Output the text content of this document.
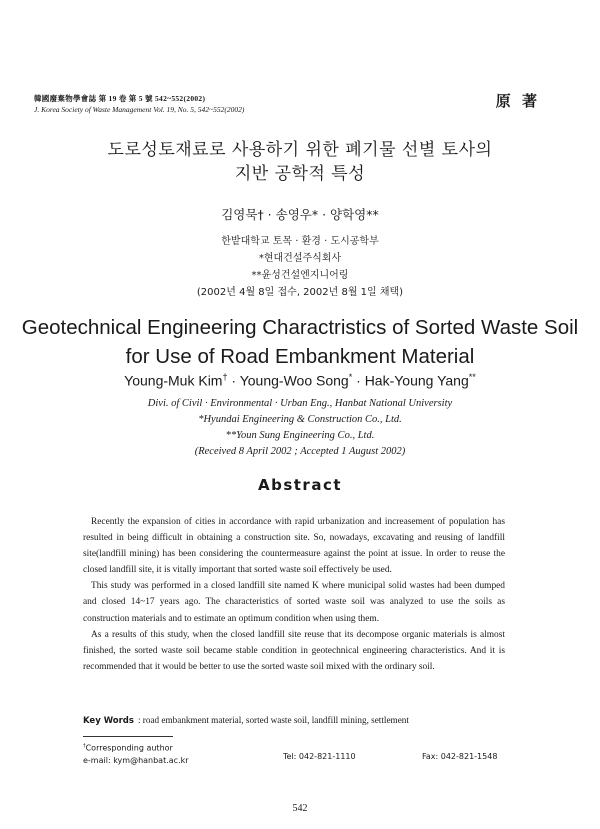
韓國廢棄物學會誌 第 19 卷 第 5 號 542~552(2002)
J. Korea Society of Waste Management Vol. 19, No. 5, 542~552(2002)	原 著
도로성토재료로 사용하기 위한 폐기물 선별 토사의
지반 공학적 특성
김영묵† · 송영우* · 양학영**
한밭대학교 토목 · 환경 · 도시공학부
*현대건설주식회사
**윤성건설엔지니어링
(2002년 4월 8일 접수, 2002년 8월 1일 채택)
Geotechnical Engineering Charactristics of Sorted Waste Soil
for Use of Road Embankment Material
Young-Muk Kim† · Young-Woo Song* · Hak-Young Yang**
Divi. of Civil · Environmental · Urban Eng., Hanbat National University
*Hyundai Engineering & Construction Co., Ltd.
**Youn Sung Engineering Co., Ltd.
(Received 8 April 2002 ; Accepted 1 August 2002)
Abstract

Recently the expansion of cities in accordance with rapid urbanization and increasement of population has resulted in being difficult in obtaining a construction site. So, nowadays, excavating and reusing of landfill site(landfill mining) has been considering the countermeasure against the point at issue. In order to reuse the closed landfill site, it is vitally important that sorted waste soil effectively be used.

This study was performed in a closed landfill site named K where municipal solid wastes had been dumped and closed 14~17 years ago. The characteristics of sorted waste soil was analyzed to use the soils as construction materials and to estimate an optimum condition when using them.

As a results of this study, when the closed landfill site reuse that its decompose organic materials is almost finished, the sorted waste soil became stable condition in geotechnical engineering characteristics. And it is recommended that it would be better to use the sorted waste soil mixed with the ordinary soil.

Key Words : road embankment material, sorted waste soil, landfill mining, settlement
†Corresponding author
e-mail: kym@hanbat.ac.kr	Tel: 042-821-1110	Fax: 042-821-1548
542
